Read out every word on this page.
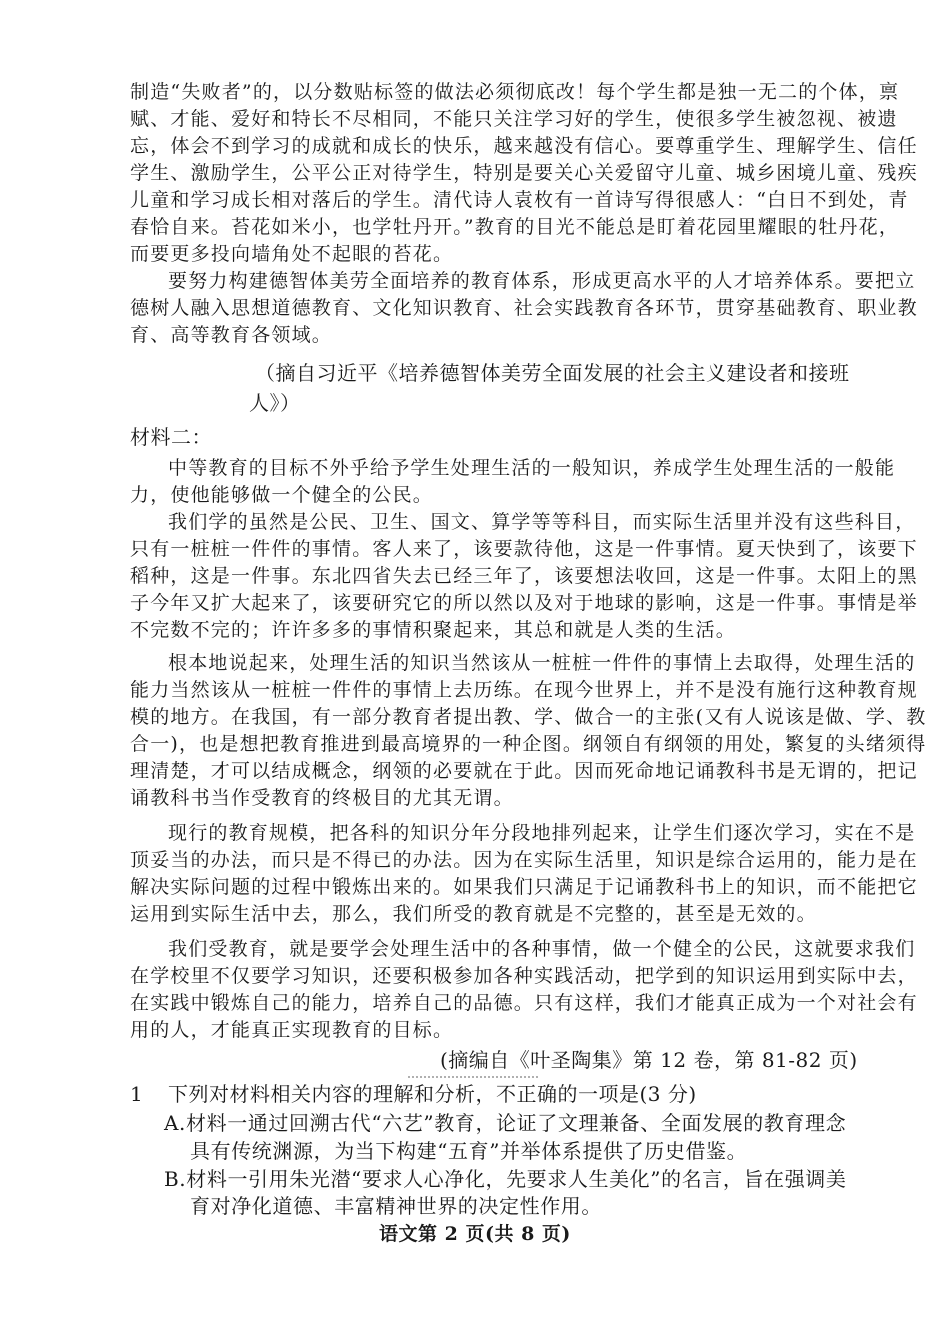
制造“失败者”的，以分数贴标签的做法必须彻底改！每个学生都是独一无二的个体，禀
赋、才能、爱好和特长不尽相同，不能只关注学习好的学生，使很多学生被忽视、被遗
忘，体会不到学习的成就和成长的快乐，越来越没有信心。要尊重学生、理解学生、信任
学生、激励学生，公平公正对待学生，特别是要关心关爱留守儿童、城乡困境儿童、残疾
儿童和学习成长相对落后的学生。清代诗人袁枚有一首诗写得很感人：“白日不到处，青
春恰自来。苔花如米小，也学牡丹开。”教育的目光不能总是盯着花园里耀眼的牡丹花，
而要更多投向墙角处不起眼的苔花。
要努力构建德智体美劳全面培养的教育体系，形成更高水平的人才培养体系。要把立
德树人融入思想道德教育、文化知识教育、社会实践教育各环节，贯穿基础教育、职业教
育、高等教育各领域。
（摘自习近平《培养德智体美劳全面发展的社会主义建设者和接班
人》）
材料二：
中等教育的目标不外乎给予学生处理生活的一般知识，养成学生处理生活的一般能
力，使他能够做一个健全的公民。
我们学的虽然是公民、卫生、国文、算学等等科目，而实际生活里并没有这些科目，
只有一桩桩一件件的事情。客人来了，该要款待他，这是一件事情。夏天快到了，该要下
稻种，这是一件事。东北四省失去已经三年了，该要想法收回，这是一件事。太阳上的黑
子今年又扩大起来了，该要研究它的所以然以及对于地球的影响，这是一件事。事情是举
不完数不完的；许许多多的事情积聚起来，其总和就是人类的生活。
根本地说起来，处理生活的知识当然该从一桩桩一件件的事情上去取得，处理生活的
能力当然该从一桩桩一件件的事情上去历练。在现今世界上，并不是没有施行这种教育规
模的地方。在我国，有一部分教育者提出教、学、做合一的主张(又有人说该是做、学、教
合一)，也是想把教育推进到最高境界的一种企图。纲领自有纲领的用处，繁复的头绪须得
理清楚，才可以结成概念，纲领的必要就在于此。因而死命地记诵教科书是无谓的，把记
诵教科书当作受教育的终极目的尤其无谓。
现行的教育规模，把各科的知识分年分段地排列起来，让学生们逐次学习，实在不是
顶妥当的办法，而只是不得已的办法。因为在实际生活里，知识是综合运用的，能力是在
解决实际问题的过程中锻炼出来的。如果我们只满足于记诵教科书上的知识，而不能把它
运用到实际生活中去，那么，我们所受的教育就是不完整的，甚至是无效的。
我们受教育，就是要学会处理生活中的各种事情，做一个健全的公民，这就要求我们
在学校里不仅要学习知识，还要积极参加各种实践活动，把学到的知识运用到实际中去，
在实践中锻炼自己的能力，培养自己的品德。只有这样，我们才能真正成为一个对社会有
用的人，才能真正实现教育的目标。
(摘编自《叶圣陶集》第 12 卷，第 81-82 页)
1 下列对材料相关内容的理解和分析，不正确的一项是(3 分)
A.材料一通过回溯古代“六艺”教育，论证了文理兼备、全面发展的教育理念
具有传统渊源，为当下构建“五育”并举体系提供了历史借鉴。
B.材料一引用朱光潜“要求人心净化，先要求人生美化”的名言，旨在强调美
育对净化道德、丰富精神世界的决定性作用。
语文第 2 页(共 8 页)
